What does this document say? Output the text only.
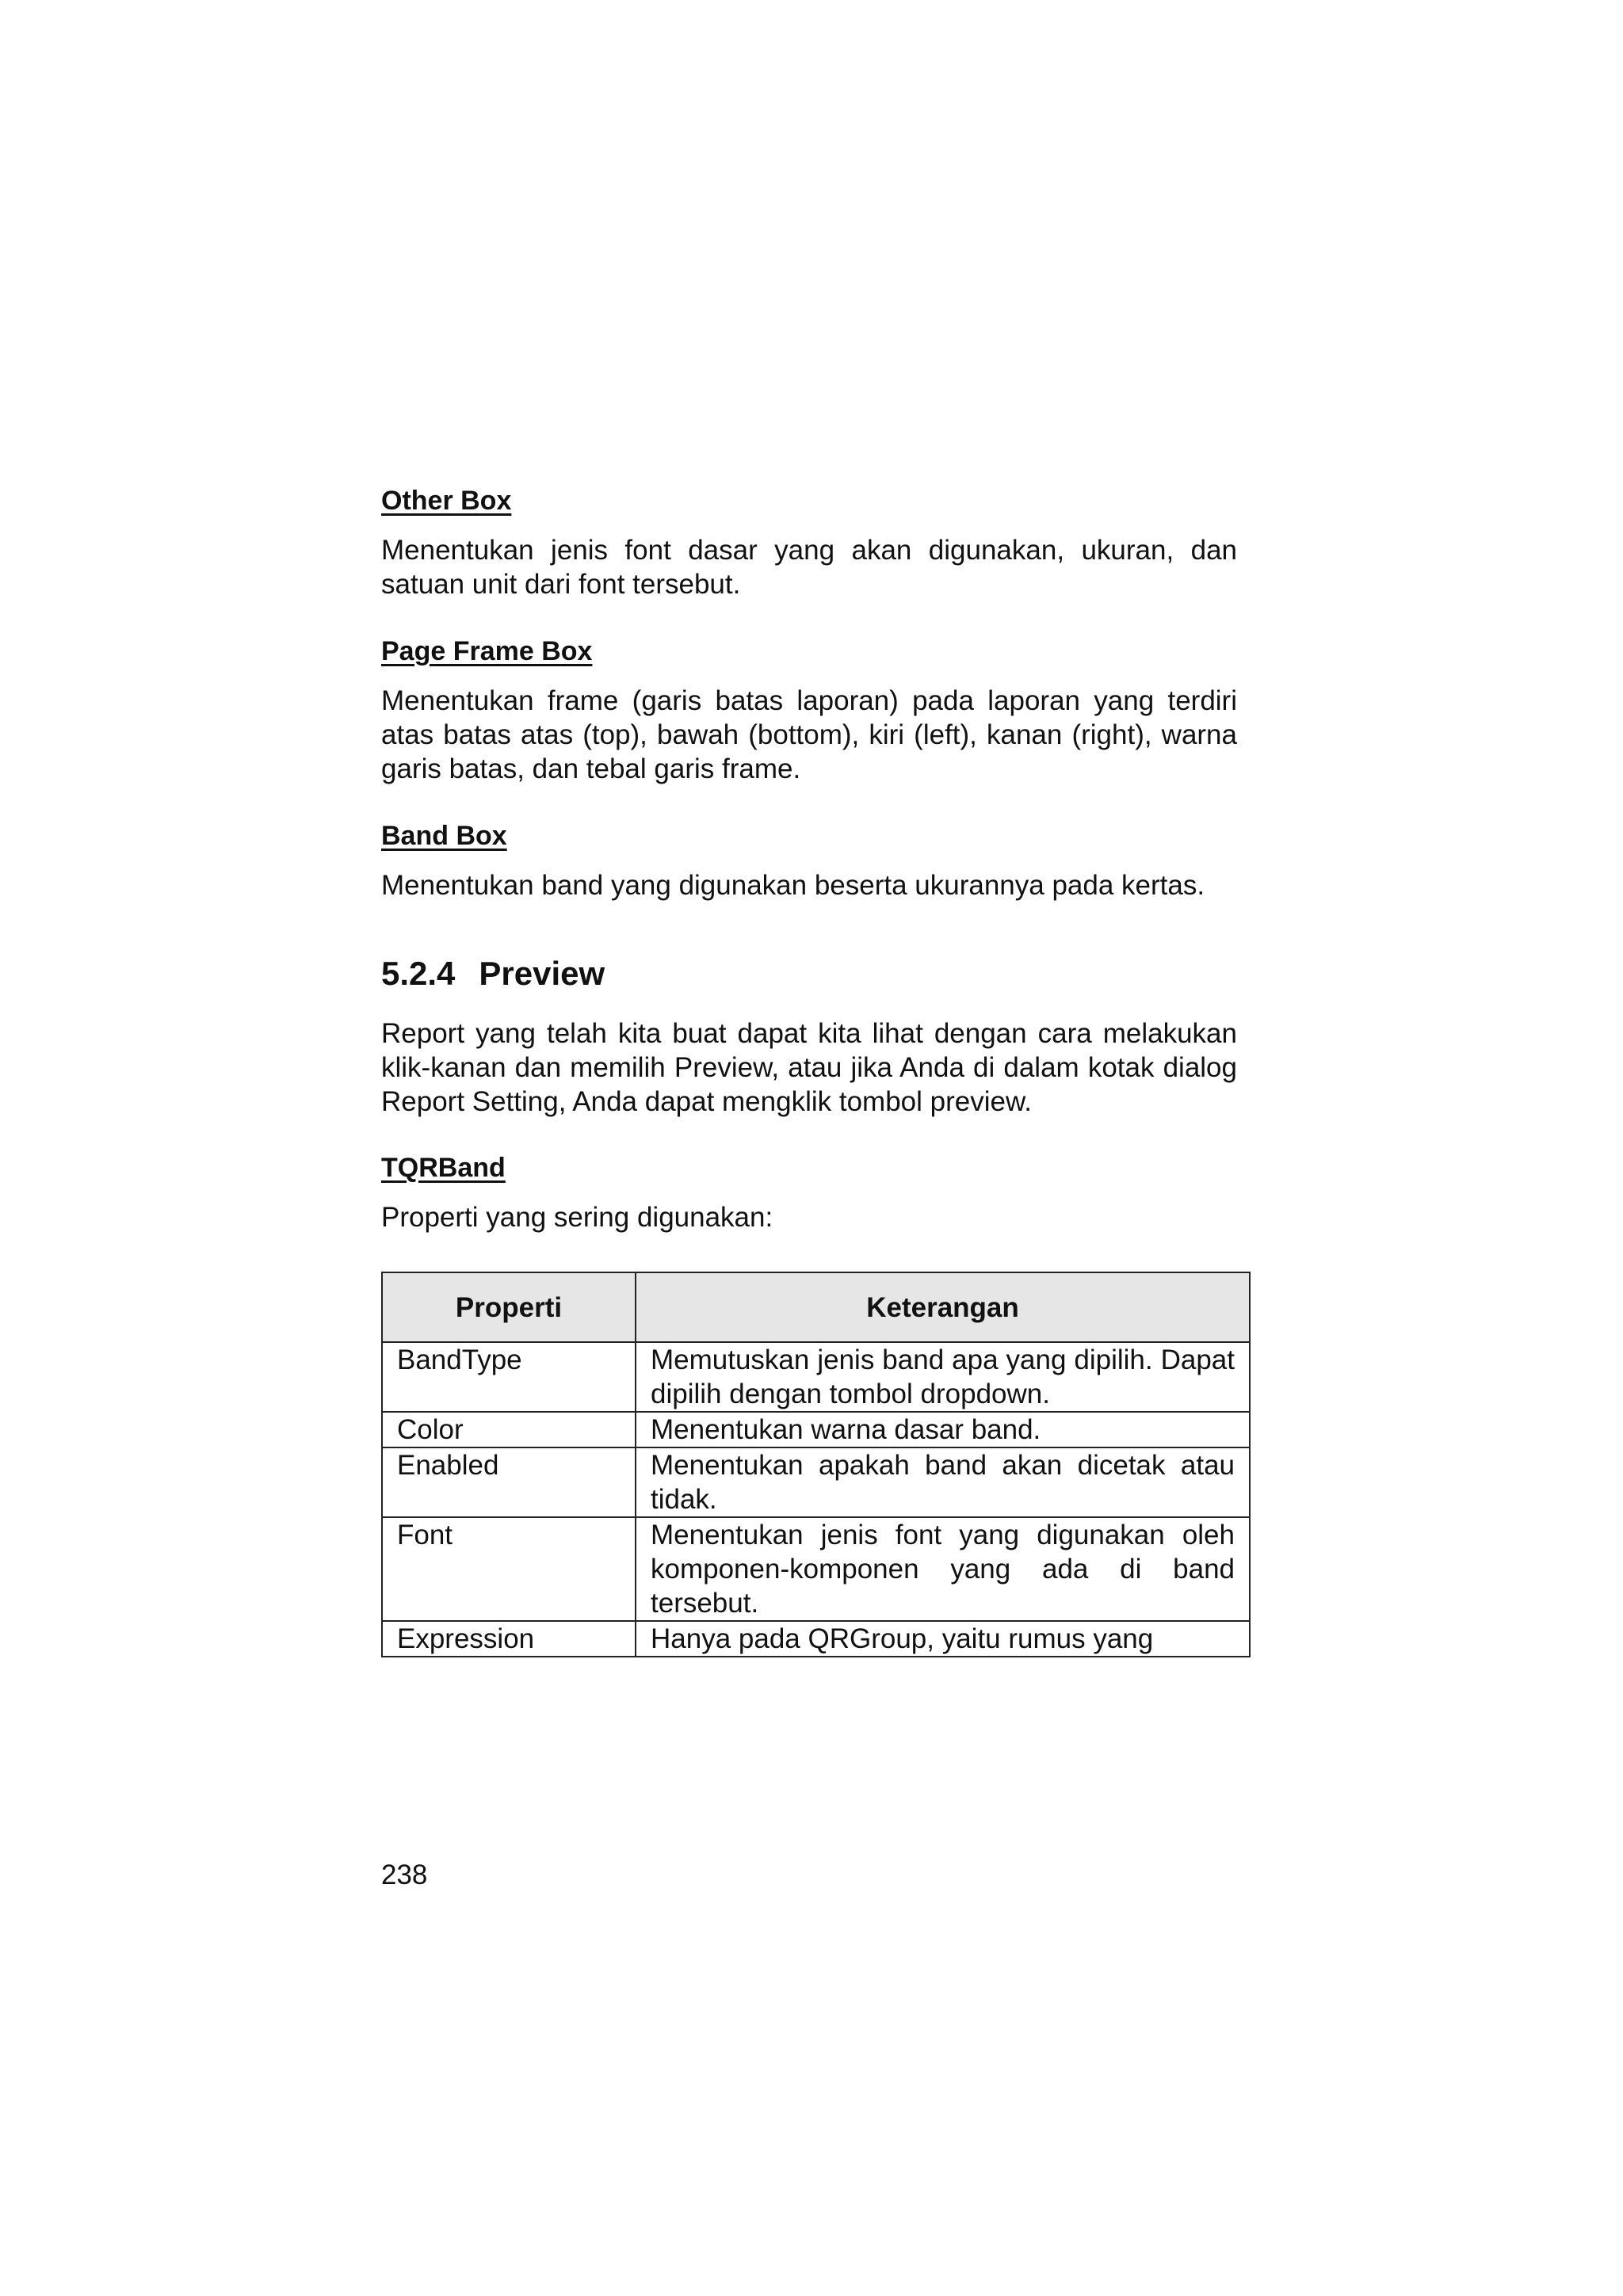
Other Box

Menentukan jenis font dasar yang akan digunakan, ukuran, dan satuan unit dari font tersebut.

Page Frame Box

Menentukan frame (garis batas laporan) pada laporan yang terdiri atas batas atas (top), bawah (bottom), kiri (left), kanan (right), warna garis batas, dan tebal garis frame.

Band Box

Menentukan band yang digunakan beserta ukurannya pada kertas.

5.2.4 Preview

Report yang telah kita buat dapat kita lihat dengan cara melakukan klik-kanan dan memilih Preview, atau jika Anda di dalam kotak dialog Report Setting, Anda dapat mengklik tombol preview.

TQRBand

Properti yang sering digunakan:

Properti	Keterangan
BandType	Memutuskan jenis band apa yang dipilih. Dapat dipilih dengan tombol dropdown.
Color	Menentukan warna dasar band.
Enabled	Menentukan apakah band akan dicetak atau tidak.
Font	Menentukan jenis font yang digunakan oleh komponen-komponen yang ada di band tersebut.
Expression	Hanya pada QRGroup, yaitu rumus yang
238
